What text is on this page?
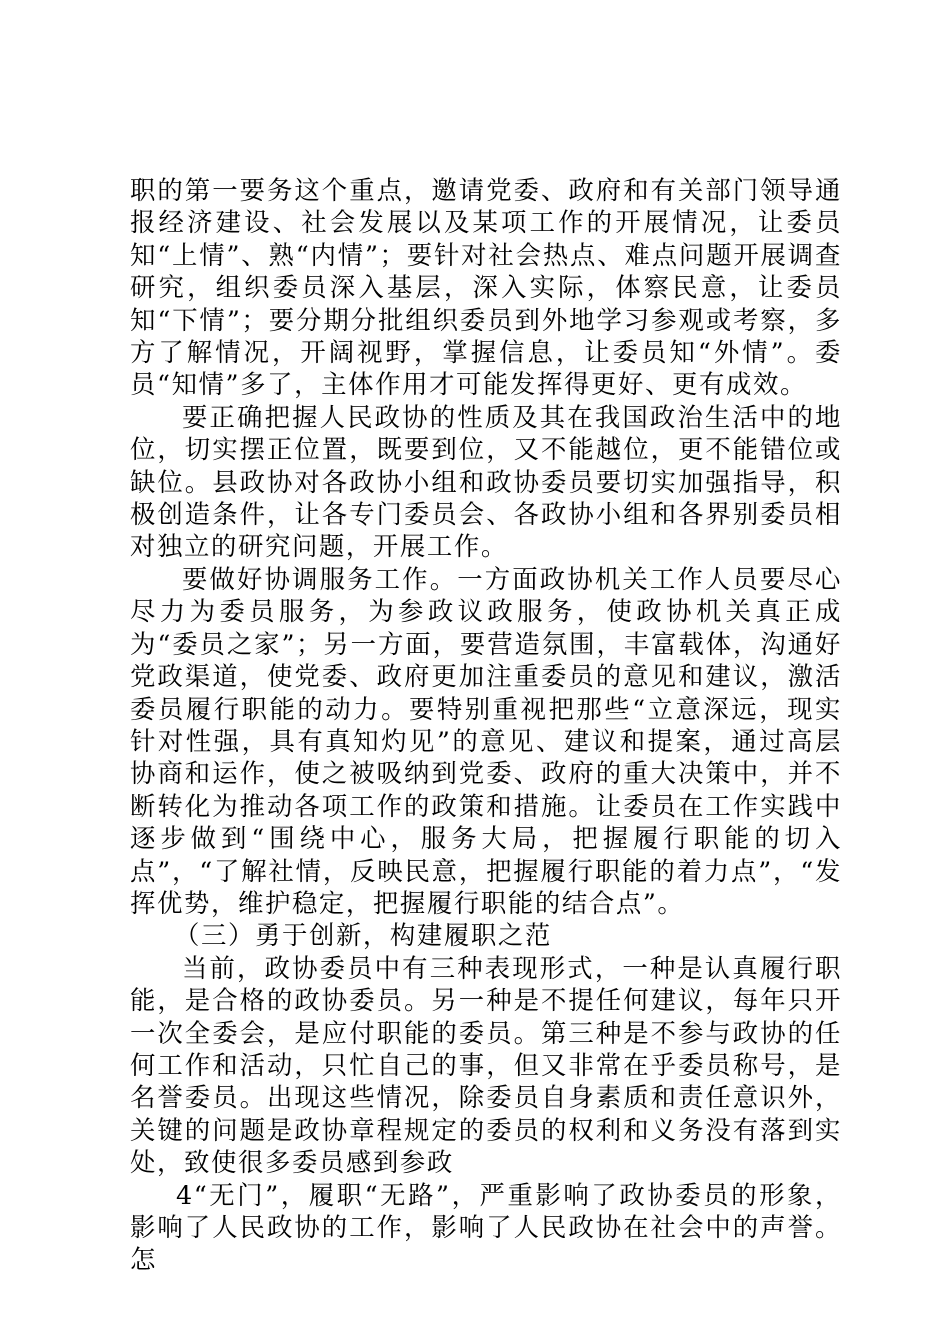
职的第一要务这个重点，邀请党委、政府和有关部门领导通报经济建设、社会发展以及某项工作的开展情况，让委员知“上情”、熟“内情”；要针对社会热点、难点问题开展调查研究，组织委员深入基层，深入实际，体察民意，让委员知“下情”；要分期分批组织委员到外地学习参观或考察，多方了解情况，开阔视野，掌握信息，让委员知“外情”。委员“知情”多了，主体作用才可能发挥得更好、更有成效。

要正确把握人民政协的性质及其在我国政治生活中的地位，切实摆正位置，既要到位，又不能越位，更不能错位或缺位。县政协对各政协小组和政协委员要切实加强指导，积极创造条件，让各专门委员会、各政协小组和各界别委员相对独立的研究问题，开展工作。

要做好协调服务工作。一方面政协机关工作人员要尽心尽力为委员服务，为参政议政服务，使政协机关真正成为“委员之家”；另一方面，要营造氛围，丰富载体，沟通好党政渠道，使党委、政府更加注重委员的意见和建议，激活委员履行职能的动力。要特别重视把那些“立意深远，现实针对性强，具有真知灼见”的意见、建议和提案，通过高层协商和运作，使之被吸纳到党委、政府的重大决策中，并不断转化为推动各项工作的政策和措施。让委员在工作实践中逐步做到“围绕中心，服务大局，把握履行职能的切入点”，“了解社情，反映民意，把握履行职能的着力点”，“发挥优势，维护稳定，把握履行职能的结合点”。

（三）勇于创新，构建履职之范

当前，政协委员中有三种表现形式，一种是认真履行职能，是合格的政协委员。另一种是不提任何建议，每年只开一次全委会，是应付职能的委员。第三种是不参与政协的任何工作和活动，只忙自己的事，但又非常在乎委员称号，是名誉委员。出现这些情况，除委员自身素质和责任意识外，关键的问题是政协章程规定的委员的权利和义务没有落到实处，致使很多委员感到参政

4“无门”，履职“无路”，严重影响了政协委员的形象，影响了人民政协的工作，影响了人民政协在社会中的声誉。怎
